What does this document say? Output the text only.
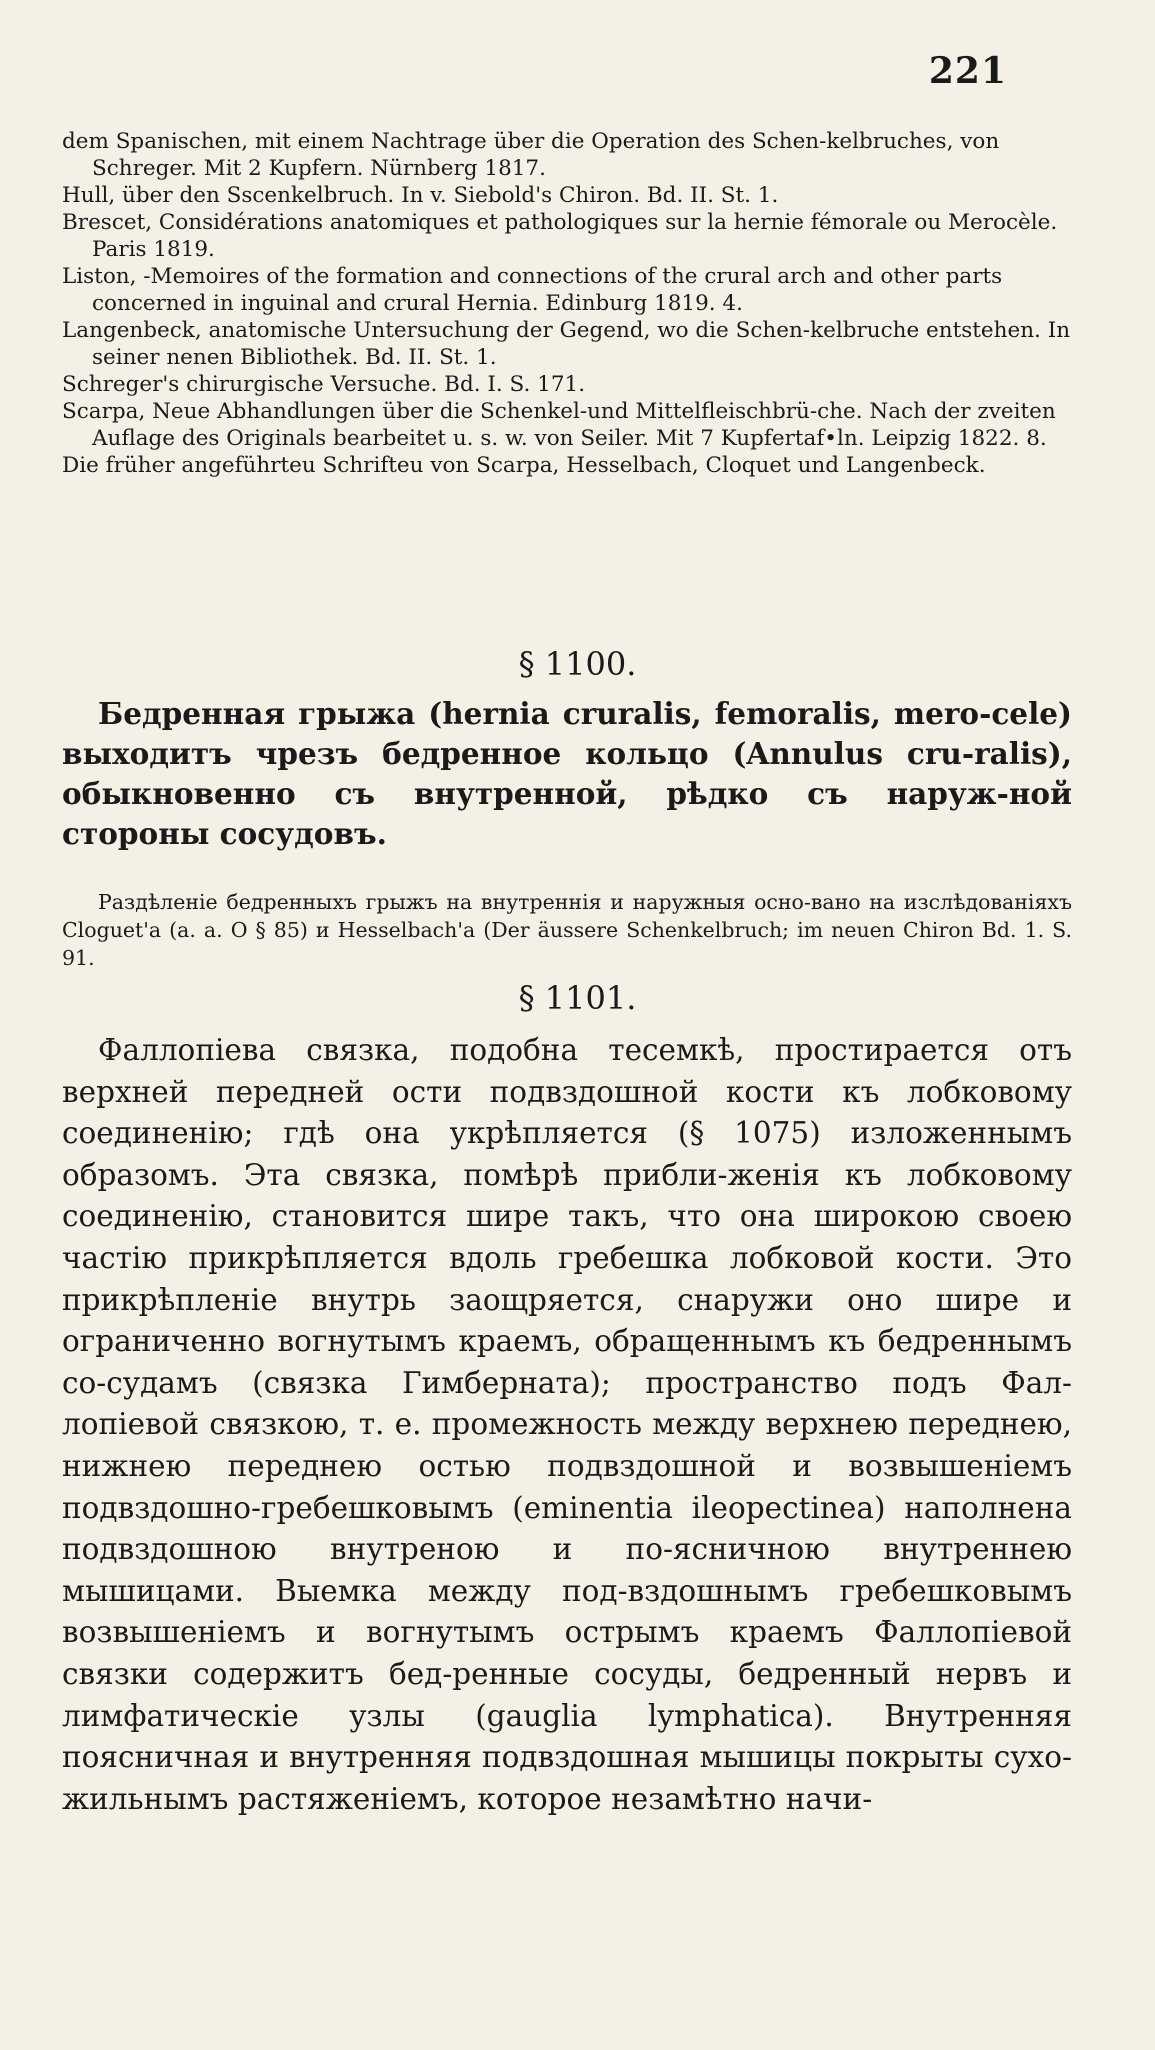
221

dem Spanischen, mit einem Nachtrage über die Operation des Schen-kelbruches, von Schreger. Mit 2 Kupfern. Nürnberg 1817.

Hull, über den Sscenkelbruch. In v. Siebold's Chiron. Bd. II. St. 1.

Brescet, Considérations anatomiques et pathologiques sur la hernie fémorale ou Merocèle. Paris 1819.

Liston, -Memoires of the formation and connections of the crural arch and other parts concerned in inguinal and crural Hernia. Edinburg 1819. 4.

Langenbeck, anatomische Untersuchung der Gegend, wo die Schen-kelbruche entstehen. In seiner nenen Bibliothek. Bd. II. St. 1.

Schreger's chirurgische Versuche. Bd. I. S. 171.

Scarpa, Neue Abhandlungen über die Schenkel-und Mittelfleischbrü-che. Nach der zveiten Auflage des Originals bearbeitet u. s. w. von Seiler. Mit 7 Kupfertaf•ln. Leipzig 1822. 8.

Die früher angeführteu Schrifteu von Scarpa, Hesselbach, Cloquet und Langenbeck.

§ 1100.

Бедренная грыжа (hernia cruralis, femoralis, mero-cele) выходитъ чрезъ бедренное кольцо (Annulus cru-ralis), обыкновенно съ внутренной, рѣдко съ наруж-ной стороны сосудовъ.

Раздѣленіе бедренныхъ грыжъ на внутреннія и наружныя осно-вано на изслѣдованіяхъ Cloguet'а (а. а. О § 85) и Hesselbach'а (Der äussere Schenkelbruch; im neuen Chiron Bd. 1. S. 91.

§ 1101.

Фаллопіева связка, подобна тесемкѣ, простирается отъ верхней передней ости подвздошной кости къ лобковому соединенію; гдѣ она укрѣпляется (§ 1075) изложеннымъ образомъ. Эта связка, помѣрѣ прибли-женія къ лобковому соединенію, становится шире такъ, что она широкою своею частію прикрѣпляется вдоль гребешка лобковой кости. Это прикрѣпленіе внутрь заощряется, снаружи оно шире и ограниченно вогнутымъ краемъ, обращеннымъ къ бедреннымъ со-судамъ (связка Гимберната); пространство подъ Фал-лопіевой связкою, т. е. промежность между верхнею переднею, нижнею переднею остью подвздошной и возвышеніемъ подвздошно-гребешковымъ (eminentia ileopectinea) наполнена подвздошною внутреною и по-ясничною внутреннею мышицами. Выемка между под-вздошнымъ гребешковымъ возвышеніемъ и вогнутымъ острымъ краемъ Фаллопіевой связки содержитъ бед-ренные сосуды, бедренный нервъ и лимфатическіе узлы (gauglia lymphatica). Внутренняя поясничная и внутренняя подвздошная мышицы покрыты сухо-жильнымъ растяженіемъ, которое незамѣтно начи-
